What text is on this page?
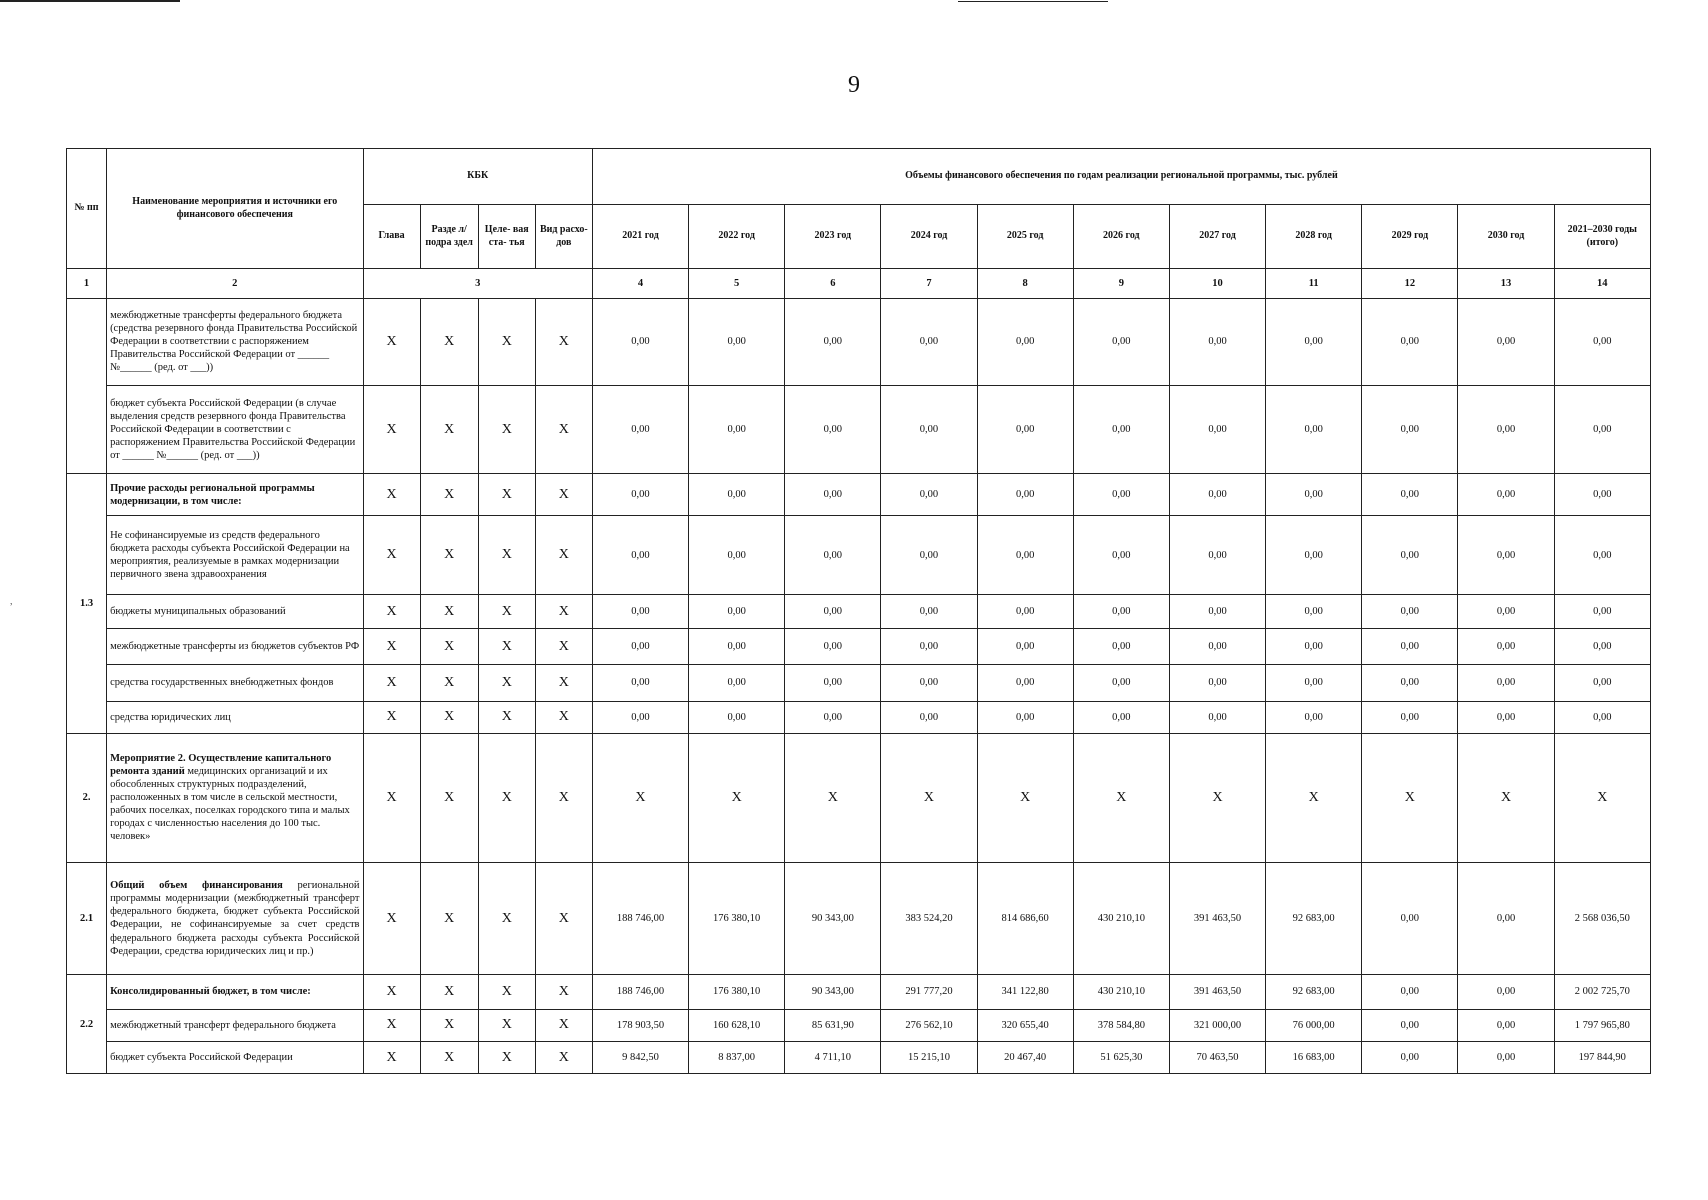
9
№ пп	Наименование мероприятия и источники его финансового обеспечения	КБК				Объемы финансового обеспечения по годам реализации региональной программы, тыс. рублей										
		Глава	Разде л/ подра здел	Целе- вая ста- тья	Вид расхо- дов	2021 год	2022 год	2023 год	2024 год	2025 год	2026 год	2027 год	2028 год	2029 год	2030 год	2021–2030 годы (итого)
1	2	3				4	5	6	7	8	9	10	11	12	13	14
	межбюджетные трансферты федерального бюджета (средства резервного фонда Правительства Российской Федерации в соответствии с распоряжением Правительства Российской Федерации от ______ №______ (ред. от ___))	Х	Х	Х	Х	0,00	0,00	0,00	0,00	0,00	0,00	0,00	0,00	0,00	0,00	0,00
	бюджет субъекта Российской Федерации (в случае выделения средств резервного фонда Правительства Российской Федерации в соответствии с распоряжением Правительства Российской Федерации от ______ №______ (ред. от ___))	Х	Х	Х	Х	0,00	0,00	0,00	0,00	0,00	0,00	0,00	0,00	0,00	0,00	0,00
1.3	Прочие расходы региональной программы модернизации, в том числе:	Х	Х	Х	Х	0,00	0,00	0,00	0,00	0,00	0,00	0,00	0,00	0,00	0,00	0,00
	Не софинансируемые из средств федерального бюджета расходы субъекта Российской Федерации на мероприятия, реализуемые в рамках модернизации первичного звена здравоохранения	Х	Х	Х	Х	0,00	0,00	0,00	0,00	0,00	0,00	0,00	0,00	0,00	0,00	0,00
	бюджеты муниципальных образований	Х	Х	Х	Х	0,00	0,00	0,00	0,00	0,00	0,00	0,00	0,00	0,00	0,00	0,00
	межбюджетные трансферты из бюджетов субъектов РФ	Х	Х	Х	Х	0,00	0,00	0,00	0,00	0,00	0,00	0,00	0,00	0,00	0,00	0,00
	средства государственных внебюджетных фондов	Х	Х	Х	Х	0,00	0,00	0,00	0,00	0,00	0,00	0,00	0,00	0,00	0,00	0,00
	средства юридических лиц	Х	Х	Х	Х	0,00	0,00	0,00	0,00	0,00	0,00	0,00	0,00	0,00	0,00	0,00
2.	Мероприятие 2. Осуществление капитального ремонта зданий медицинских организаций и их обособленных структурных подразделений, расположенных в том числе в сельской местности, рабочих поселках, поселках городского типа и малых городах с численностью населения до 100 тыс. человек»	Х	Х	Х	Х	Х	Х	Х	Х	Х	Х	Х	Х	Х	Х	Х
2.1	Общий объем финансирования региональной программы модернизации (межбюджетный трансферт федерального бюджета, бюджет субъекта Российской Федерации, не софинансируемые за счет средств федерального бюджета расходы субъекта Российской Федерации, средства юридических лиц и пр.)	Х	Х	Х	Х	188 746,00	176 380,10	90 343,00	383 524,20	814 686,60	430 210,10	391 463,50	92 683,00	0,00	0,00	2 568 036,50
2.2	Консолидированный бюджет, в том числе:	Х	Х	Х	Х	188 746,00	176 380,10	90 343,00	291 777,20	341 122,80	430 210,10	391 463,50	92 683,00	0,00	0,00	2 002 725,70
	межбюджетный трансферт федерального бюджета	Х	Х	Х	Х	178 903,50	160 628,10	85 631,90	276 562,10	320 655,40	378 584,80	321 000,00	76 000,00	0,00	0,00	1 797 965,80
	бюджет субъекта Российской Федерации	Х	Х	Х	Х	9 842,50	8 837,00	4 711,10	15 215,10	20 467,40	51 625,30	70 463,50	16 683,00	0,00	0,00	197 844,90
,
